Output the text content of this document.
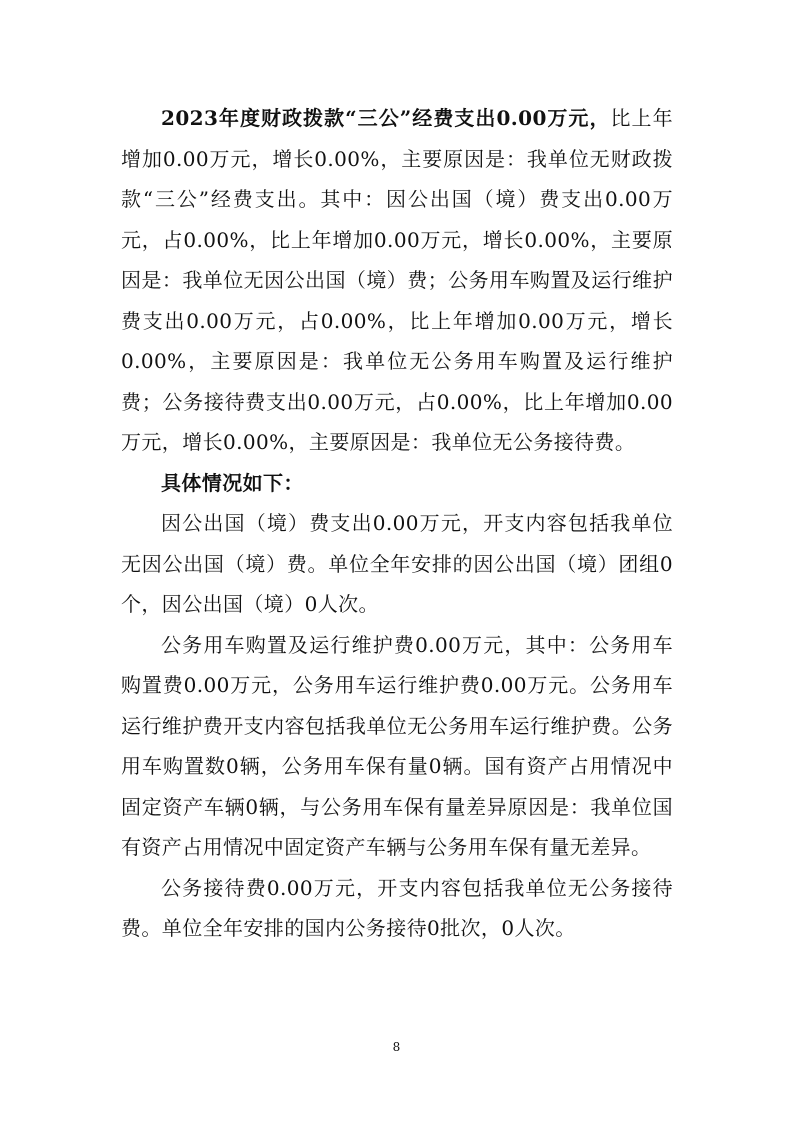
2023年度财政拨款“三公”经费支出0.00万元，比上年增加0.00万元，增长0.00%，主要原因是：我单位无财政拨款“三公”经费支出。其中：因公出国（境）费支出0.00万元，占0.00%，比上年增加0.00万元，增长0.00%，主要原因是：我单位无因公出国（境）费；公务用车购置及运行维护费支出0.00万元，占0.00%，比上年增加0.00万元，增长0.00%，主要原因是：我单位无公务用车购置及运行维护费；公务接待费支出0.00万元，占0.00%，比上年增加0.00万元，增长0.00%，主要原因是：我单位无公务接待费。

具体情况如下：

因公出国（境）费支出0.00万元，开支内容包括我单位无因公出国（境）费。单位全年安排的因公出国（境）团组0个，因公出国（境）0人次。

公务用车购置及运行维护费0.00万元，其中：公务用车购置费0.00万元，公务用车运行维护费0.00万元。公务用车运行维护费开支内容包括我单位无公务用车运行维护费。公务用车购置数0辆，公务用车保有量0辆。国有资产占用情况中固定资产车辆0辆，与公务用车保有量差异原因是：我单位国有资产占用情况中固定资产车辆与公务用车保有量无差异。

公务接待费0.00万元，开支内容包括我单位无公务接待费。单位全年安排的国内公务接待0批次，0人次。

8
